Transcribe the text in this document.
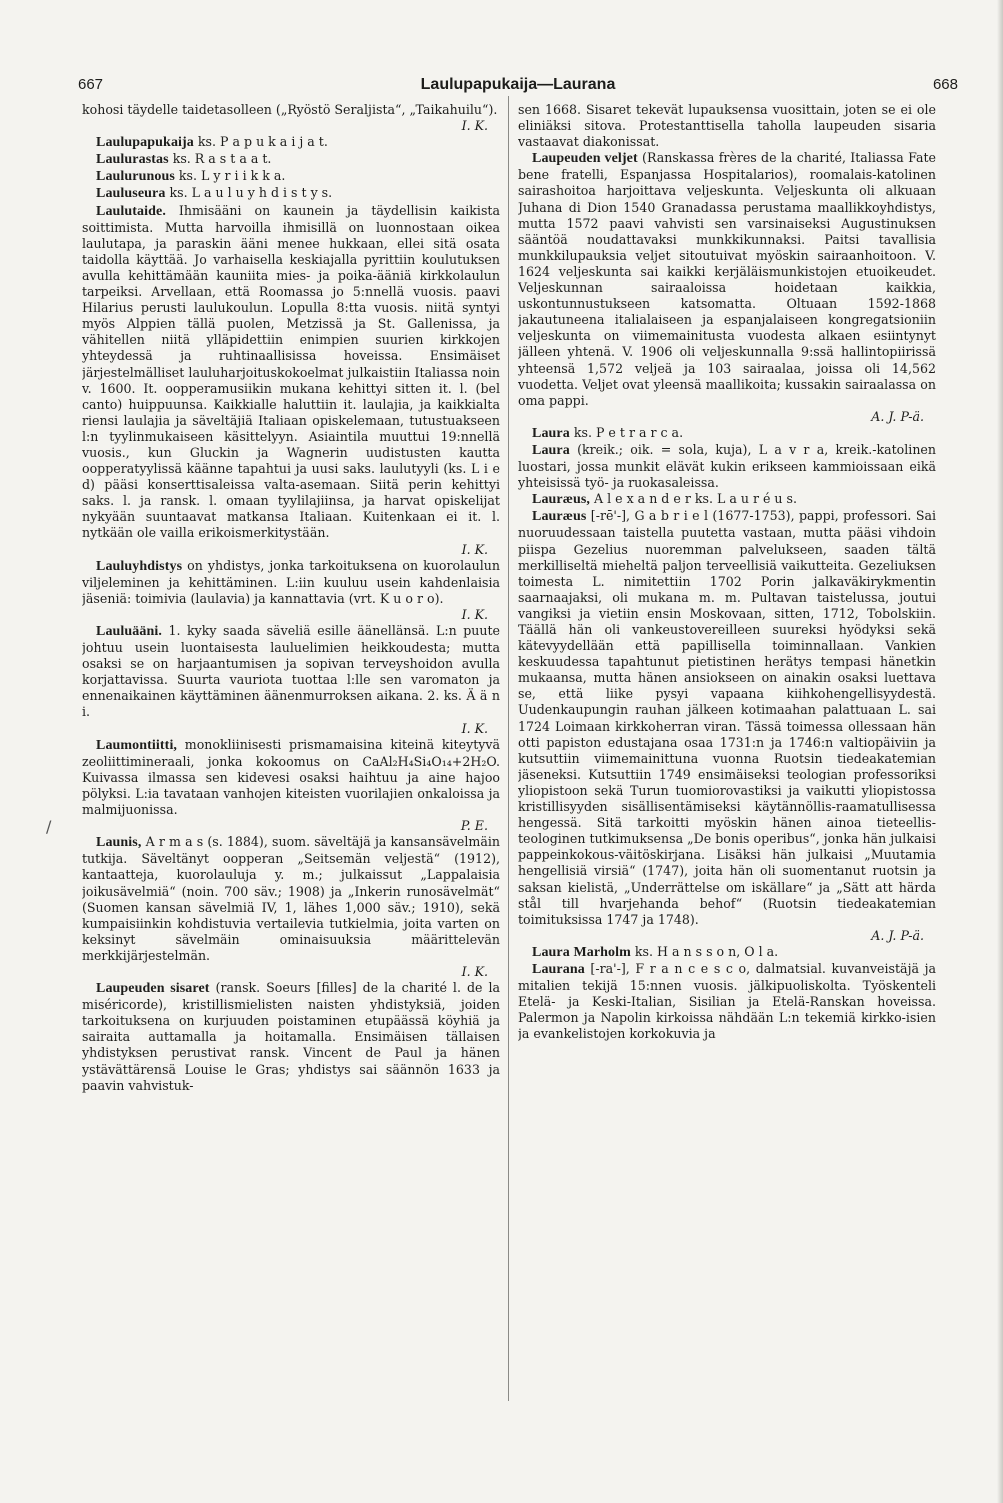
667	Laulupapukaija—Laurana	668
/

kohosi täydelle taidetasolleen („Ryöstö Seraljista“, „Taikahuilu“).
I. K.

Laulupapukaija ks. P a p u k a i j a t.

Laulurastas ks. R a s t a a t.

Laulurunous ks. L y r i i k k a.

Lauluseura ks. L a u l u y h d i s t y s.

Laulutaide. Ihmisääni on kaunein ja täydellisin kaikista soittimista. Mutta harvoilla ihmisillä on luonnostaan oikea laulutapa, ja paraskin ääni menee hukkaan, ellei sitä osata taidolla käyttää. Jo varhaisella keskiajalla pyrittiin koulutuksen avulla kehittämään kauniita mies- ja poika-ääniä kirkkolaulun tarpeiksi. Arvellaan, että Roomassa jo 5:nnellä vuosis. paavi Hilarius perusti laulukoulun. Lopulla 8:tta vuosis. niitä syntyi myös Alppien tällä puolen, Metzissä ja St. Gallenissa, ja vähitellen niitä ylläpidettiin enimpien suurien kirkkojen yhteydessä ja ruhtinaallisissa hoveissa. Ensimäiset järjestelmälliset lauluharjoituskokoelmat julkaistiin Italiassa noin v. 1600. It. oopperamusiikin mukana kehittyi sitten it. l. (bel canto) huippuunsa. Kaikkialle haluttiin it. laulajia, ja kaikkialta riensi laulajia ja säveltäjiä Italiaan opiskelemaan, tutustuakseen l:n tyylinmukaiseen käsittelyyn. Asiaintila muuttui 19:nnellä vuosis., kun Gluckin ja Wagnerin uudistusten kautta oopperatyylissä käänne tapahtui ja uusi saks. laulutyyli (ks. L i e d) pääsi konserttisaleissa valta-asemaan. Siitä perin kehittyi saks. l. ja ransk. l. omaan tyylilajiinsa, ja harvat opiskelijat nykyään suuntaavat matkansa Italiaan. Kuitenkaan ei it. l. nytkään ole vailla erikoismerkitystään.
I. K.

Lauluyhdistys on yhdistys, jonka tarkoituksena on kuorolaulun viljeleminen ja kehittäminen. L:iin kuuluu usein kahdenlaisia jäseniä: toimivia (laulavia) ja kannattavia (vrt. K u o r o).
I. K.

Lauluääni. 1. kyky saada säveliä esille äänellänsä. L:n puute johtuu usein luontaisesta lauluelimien heikkoudesta; mutta osaksi se on harjaantumisen ja sopivan terveyshoidon avulla korjattavissa. Suurta vauriota tuottaa l:lle sen varomaton ja ennenaikainen käyttäminen äänenmurroksen aikana. 2. ks. Ä ä n i.
I. K.

Laumontiitti, monokliinisesti prismamaisina kiteinä kiteytyvä zeoliittimineraali, jonka kokoomus on CaAl₂H₄Si₄O₁₄+2H₂O. Kuivassa ilmassa sen kidevesi osaksi haihtuu ja aine hajoo pölyksi. L:ia tavataan vanhojen kiteisten vuorilajien onkaloissa ja malmijuonissa.
P. E.

Launis, A r m a s (s. 1884), suom. säveltäjä ja kansansävelmäin tutkija. Säveltänyt oopperan „Seitsemän veljestä“ (1912), kantaatteja, kuorolauluja y. m.; julkaissut „Lappalaisia joikusävelmiä“ (noin. 700 säv.; 1908) ja „Inkerin runosävelmät“ (Suomen kansan sävelmiä IV, 1, lähes 1,000 säv.; 1910), sekä kumpaisiinkin kohdistuvia vertailevia tutkielmia, joita varten on keksinyt sävelmäin ominaisuuksia määrittelevän merkkijärjestelmän.
I. K.

Laupeuden sisaret (ransk. Soeurs [filles] de la charité l. de la miséricorde), kristillismielisten naisten yhdistyksiä, joiden tarkoituksena on kurjuuden poistaminen etupäässä köyhiä ja sairaita auttamalla ja hoitamalla. Ensimäisen tällaisen yhdistyksen perustivat ransk. Vincent de Paul ja hänen ystävättärensä Louise le Gras; yhdistys sai säännön 1633 ja paavin vahvistuk-

sen 1668. Sisaret tekevät lupauksensa vuosittain, joten se ei ole eliniäksi sitova. Protestanttisella taholla laupeuden sisaria vastaavat diakonissat.

Laupeuden veljet (Ranskassa frères de la charité, Italiassa Fate bene fratelli, Espanjassa Hospitalarios), roomalais-katolinen sairashoitoa harjoittava veljeskunta. Veljeskunta oli alkuaan Juhana di Dion 1540 Granadassa perustama maallikkoyhdistys, mutta 1572 paavi vahvisti sen varsinaiseksi Augustinuksen sääntöä noudattavaksi munkkikunnaksi. Paitsi tavallisia munkkilupauksia veljet sitoutuivat myöskin sairaanhoitoon. V. 1624 veljeskunta sai kaikki kerjäläismunkistojen etuoikeudet. Veljeskunnan sairaaloissa hoidetaan kaikkia, uskontunnustukseen katsomatta. Oltuaan 1592-1868 jakautuneena italialaiseen ja espanjalaiseen kongregatsioniin veljeskunta on viimemainitusta vuodesta alkaen esiintynyt jälleen yhtenä. V. 1906 oli veljeskunnalla 9:ssä hallintopiirissä yhteensä 1,572 veljeä ja 103 sairaalaa, joissa oli 14,562 vuodetta. Veljet ovat yleensä maallikoita; kussakin sairaalassa on oma pappi.
A. J. P-ä.

Laura ks. P e t r a r c a.

Laura (kreik.; oik. = sola, kuja), L a v r a, kreik.-katolinen luostari, jossa munkit elävät kukin erikseen kammioissaan eikä yhteisissä työ- ja ruokasaleissa.

Lauræus, A l e x a n d e r ks. L a u r é u s.

Lauræus [-rē'-], G a b r i e l (1677-1753), pappi, professori. Sai nuoruudessaan taistella puutetta vastaan, mutta pääsi vihdoin piispa Gezelius nuoremman palvelukseen, saaden tältä merkilliseltä mieheltä paljon terveellisiä vaikutteita. Gezeliuksen toimesta L. nimitettiin 1702 Porin jalkaväkirykmentin saarnaajaksi, oli mukana m. m. Pultavan taistelussa, joutui vangiksi ja vietiin ensin Moskovaan, sitten, 1712, Tobolskiin. Täällä hän oli vankeustovereilleen suureksi hyödyksi sekä kätevyydellään että papillisella toiminnallaan. Vankien keskuudessa tapahtunut pietistinen herätys tempasi hänetkin mukaansa, mutta hänen ansiokseen on ainakin osaksi luettava se, että liike pysyi vapaana kiihkohengellisyydestä. Uudenkaupungin rauhan jälkeen kotimaahan palattuaan L. sai 1724 Loimaan kirkkoherran viran. Tässä toimessa ollessaan hän otti papiston edustajana osaa 1731:n ja 1746:n valtiopäiviin ja kutsuttiin viimemainittuna vuonna Ruotsin tiedeakatemian jäseneksi. Kutsuttiin 1749 ensimäiseksi teologian professoriksi yliopistoon sekä Turun tuomiorovastiksi ja vaikutti yliopistossa kristillisyyden sisällisentämiseksi käytännöllis-raamatullisessa hengessä. Sitä tarkoitti myöskin hänen ainoa tieteellis-teologinen tutkimuksensa „De bonis operibus“, jonka hän julkaisi pappeinkokous-väitöskirjana. Lisäksi hän julkaisi „Muutamia hengellisiä virsiä“ (1747), joita hän oli suomentanut ruotsin ja saksan kielistä, „Underrättelse om iskällare“ ja „Sätt att härda stål till hvarjehanda behof“ (Ruotsin tiedeakatemian toimituksissa 1747 ja 1748).
A. J. P-ä.

Laura Marholm ks. H a n s s o n, O l a.

Laurana [-ra'-], F r a n c e s c o, dalmatsial. kuvanveistäjä ja mitalien tekijä 15:nnen vuosis. jälkipuoliskolta. Työskenteli Etelä- ja Keski-Italian, Sisilian ja Etelä-Ranskan hoveissa. Palermon ja Napolin kirkoissa nähdään L:n tekemiä kirkko-isien ja evankelistojen korkokuvia ja
